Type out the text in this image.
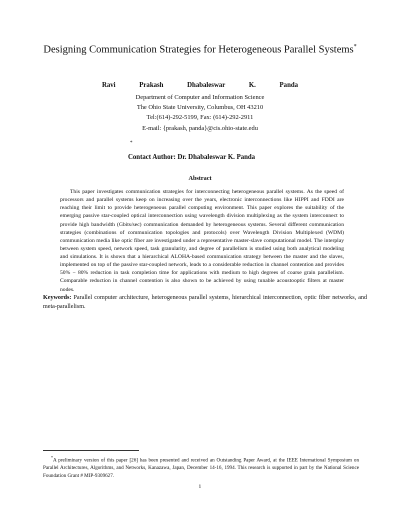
Designing Communication Strategies for Heterogeneous Parallel Systems*
Ravi Prakash	Dhabaleswar K. Panda
Department of Computer and Information Science
The Ohio State University, Columbus, OH 43210
Tel:(614)-292-5199, Fax: (614)-292-2911
E-mail: {prakash, panda}@cis.ohio-state.edu
*
Contact Author: Dr. Dhabaleswar K. Panda
Abstract

This paper investigates communication strategies for interconnecting heterogeneous parallel systems. As the speed of processors and parallel systems keep on increasing over the years, electronic interconnections like HIPPI and FDDI are reaching their limit to provide heterogeneous parallel computing environment. This paper explores the suitability of the emerging passive star-coupled optical interconnection using wavelength division multiplexing as the system interconnect to provide high bandwidth (Gbits/sec) communication demanded by heterogeneous systems. Several different communication strategies (combinations of communication topologies and protocols) over Wavelength Division Multiplexed (WDM) communication media like optic fiber are investigated under a representative master-slave computational model. The interplay between system speed, network speed, task granularity, and degree of parallelism is studied using both analytical modeling and simulations. It is shown that a hierarchical ALOHA-based communication strategy between the master and the slaves, implemented on top of the passive star-coupled network, leads to a considerable reduction in channel contention and provides 50% − 80% reduction in task completion time for applications with medium to high degrees of coarse grain parallelism. Comparable reduction in channel contention is also shown to be achieved by using tunable acoustooptic filters at master nodes.

Keywords: Parallel computer architecture, heterogeneous parallel systems, hierarchical interconnection, optic fiber networks, and meta-parallelism.

*A preliminary version of this paper [26] has been presented and received an Outstanding Paper Award, at the IEEE International Symposium on Parallel Architectures, Algorithms, and Networks, Kanazawa, Japan, December 14-16, 1994. This research is supported in part by the National Science Foundation Grant # MIP-9309627.

i
